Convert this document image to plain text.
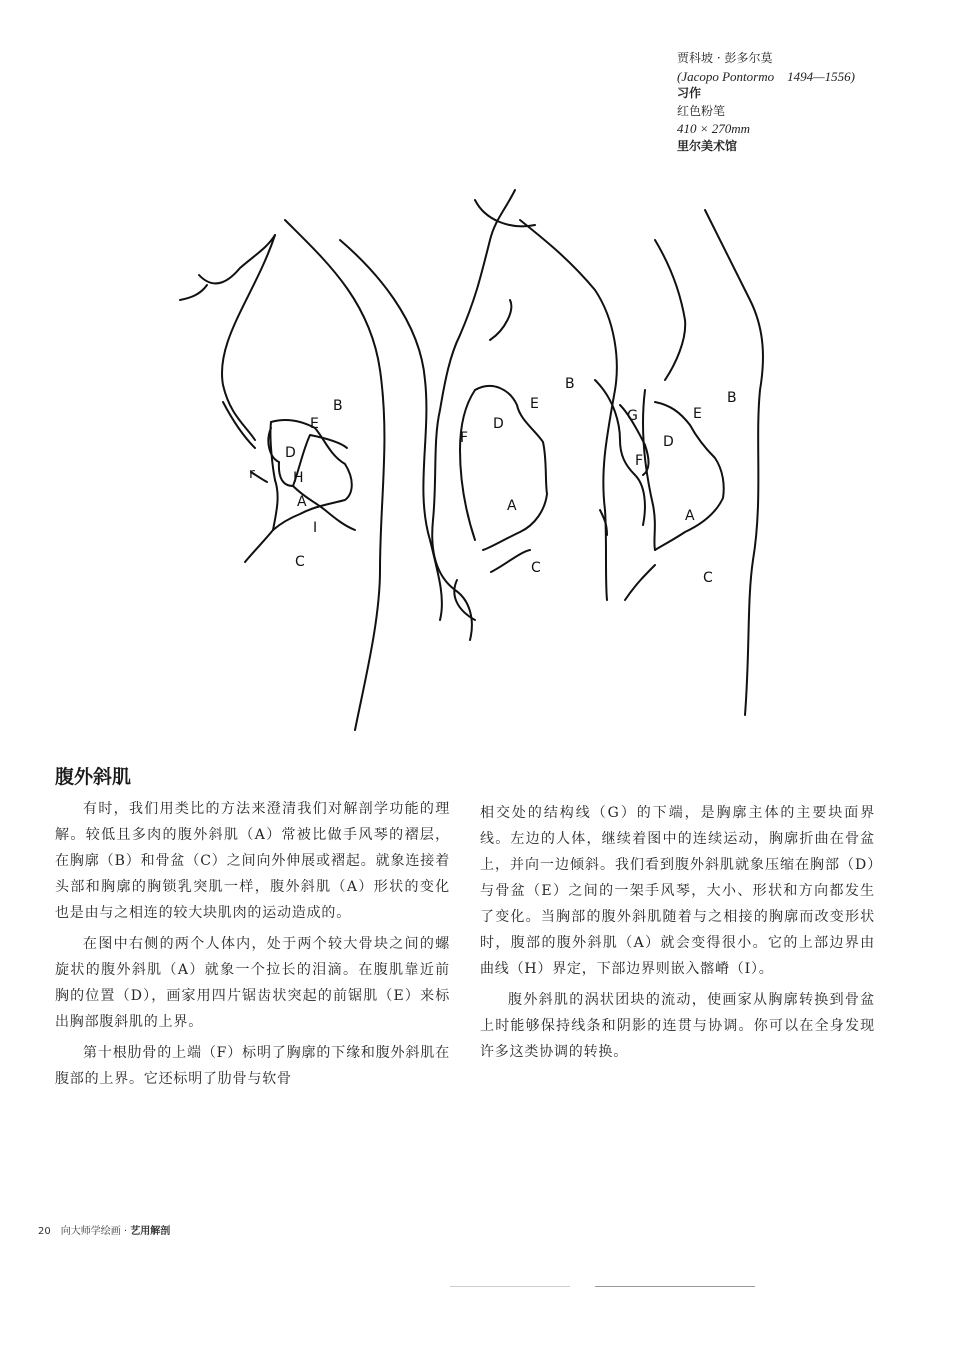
贾科坡 · 彭多尔莫
(Jacopo Pontormo　1494—1556)
习作
红色粉笔
410 × 270mm
里尔美术馆
B
E
D
H
A
I
C
r
B
E
D
F
A
C
B
E
G
D
F
A
C
腹外斜肌

有时，我们用类比的方法来澄清我们对解剖学功能的理解。较低且多肉的腹外斜肌（A）常被比做手风琴的褶层，在胸廓（B）和骨盆（C）之间向外伸展或褶起。就象连接着头部和胸廓的胸锁乳突肌一样，腹外斜肌（A）形状的变化也是由与之相连的较大块肌肉的运动造成的。

在图中右侧的两个人体内，处于两个较大骨块之间的螺旋状的腹外斜肌（A）就象一个拉长的泪滴。在腹肌靠近前胸的位置（D），画家用四片锯齿状突起的前锯肌（E）来标出胸部腹斜肌的上界。

第十根肋骨的上端（F）标明了胸廓的下缘和腹外斜肌在腹部的上界。它还标明了肋骨与软骨

相交处的结构线（G）的下端，是胸廓主体的主要块面界线。左边的人体，继续着图中的连续运动，胸廓折曲在骨盆上，并向一边倾斜。我们看到腹外斜肌就象压缩在胸部（D）与骨盆（E）之间的一架手风琴，大小、形状和方向都发生了变化。当胸部的腹外斜肌随着与之相接的胸廓而改变形状时，腹部的腹外斜肌（A）就会变得很小。它的上部边界由曲线（H）界定，下部边界则嵌入髂嵴（I）。

腹外斜肌的涡状团块的流动，使画家从胸廓转换到骨盆上时能够保持线条和阴影的连贯与协调。你可以在全身发现许多这类协调的转换。

20 向大师学绘画 · 艺用解剖
